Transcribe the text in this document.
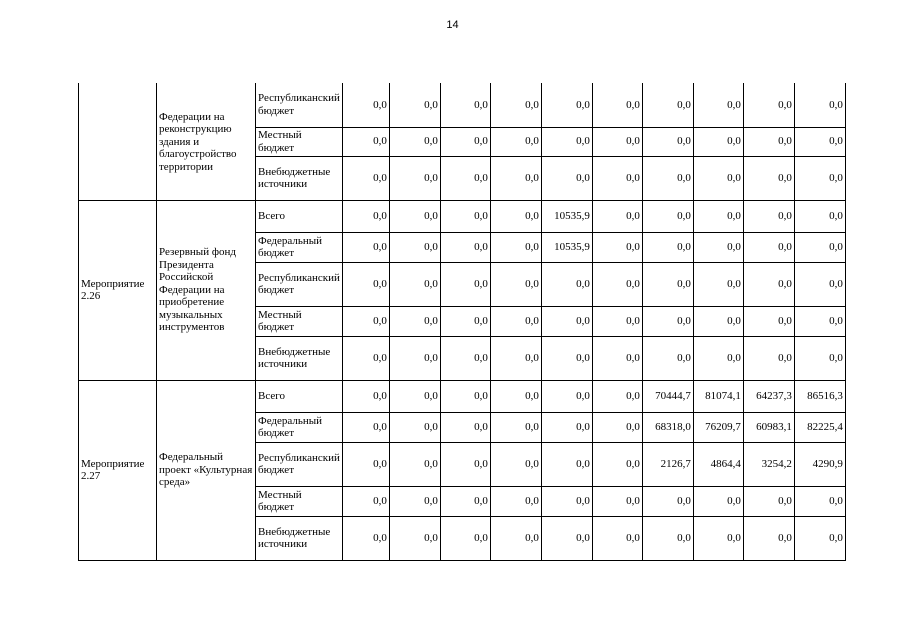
14
	Федерации на реконструкцию здания и благоустройство территории	Республиканский бюджет	0,0	0,0	0,0	0,0	0,0	0,0	0,0	0,0	0,0	0,0

		Местный бюджет	0,0	0,0	0,0	0,0	0,0	0,0	0,0	0,0	0,0	0,0

		Внебюджетные источники	0,0	0,0	0,0	0,0	0,0	0,0	0,0	0,0	0,0	0,0

Мероприятие 2.26	Резервный фонд Президента Российской Федерации на приобретение музыкальных инструментов	Всего	0,0	0,0	0,0	0,0	10535,9	0,0	0,0	0,0	0,0	0,0

		Федеральный бюджет	0,0	0,0	0,0	0,0	10535,9	0,0	0,0	0,0	0,0	0,0

		Республиканский бюджет	0,0	0,0	0,0	0,0	0,0	0,0	0,0	0,0	0,0	0,0

		Местный бюджет	0,0	0,0	0,0	0,0	0,0	0,0	0,0	0,0	0,0	0,0

		Внебюджетные источники	0,0	0,0	0,0	0,0	0,0	0,0	0,0	0,0	0,0	0,0

Мероприятие 2.27	Федеральный проект «Культурная среда»	Всего	0,0	0,0	0,0	0,0	0,0	0,0	70444,7	81074,1	64237,3	86516,3

		Федеральный бюджет	0,0	0,0	0,0	0,0	0,0	0,0	68318,0	76209,7	60983,1	82225,4

		Республиканский бюджет	0,0	0,0	0,0	0,0	0,0	0,0	2126,7	4864,4	3254,2	4290,9

		Местный бюджет	0,0	0,0	0,0	0,0	0,0	0,0	0,0	0,0	0,0	0,0

		Внебюджетные источники	0,0	0,0	0,0	0,0	0,0	0,0	0,0	0,0	0,0	0,0
